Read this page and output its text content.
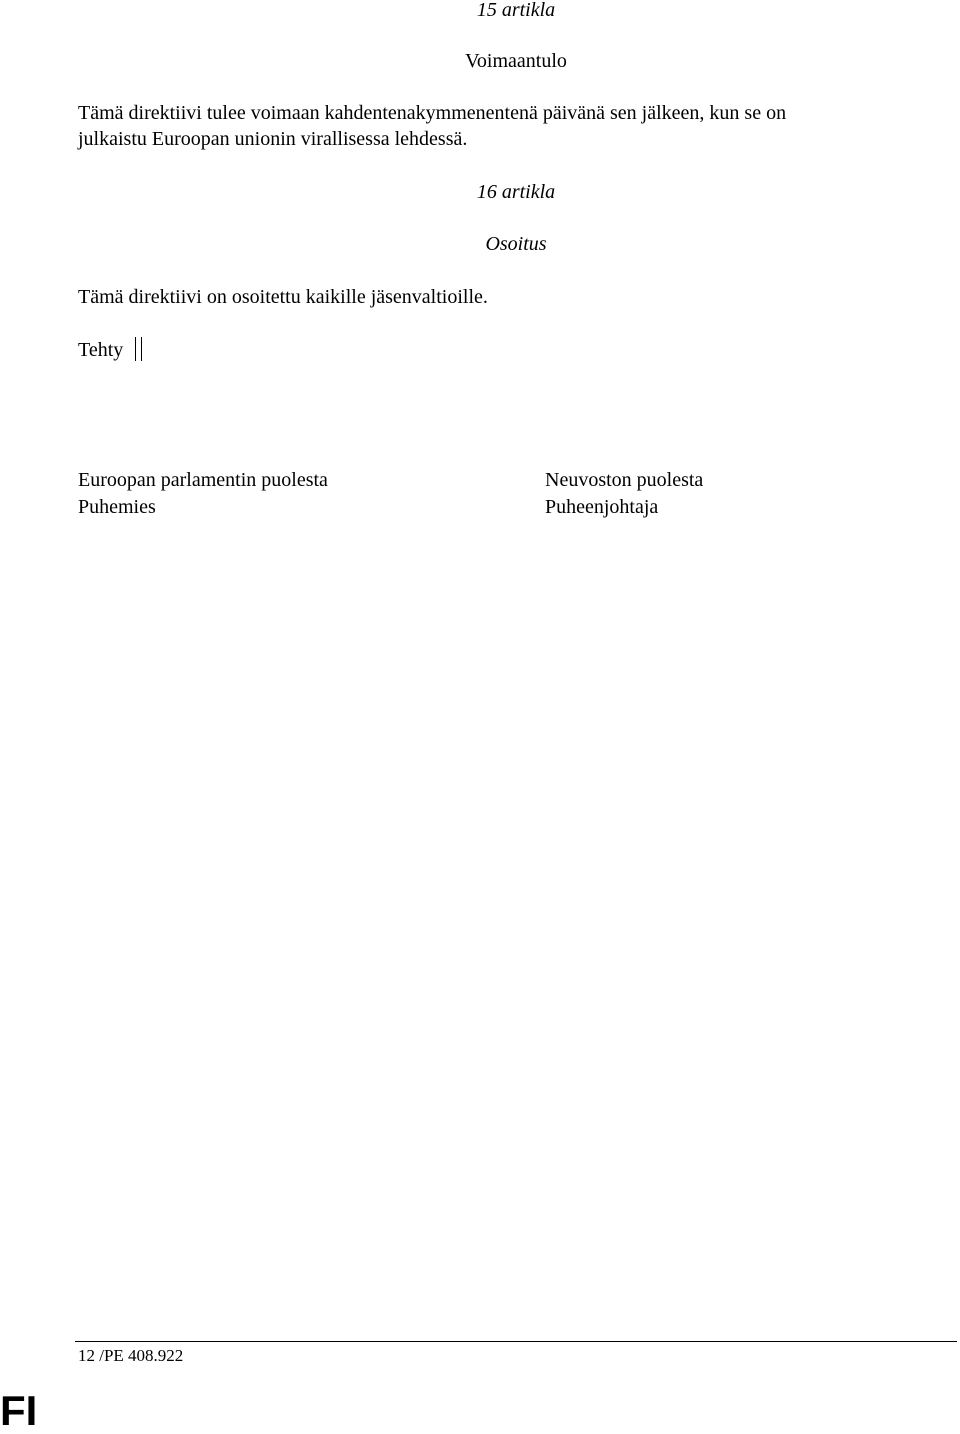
15 artikla
Voimaantulo
Tämä direktiivi tulee voimaan kahdentenakymmenentenä päivänä sen jälkeen, kun se on
julkaistu Euroopan unionin virallisessa lehdessä.
16 artikla
Osoitus
Tämä direktiivi on osoitettu kaikille jäsenvaltioille.
Tehty
Euroopan parlamentin puolesta
Puhemies
Neuvoston puolesta
Puheenjohtaja
12 /PE 408.922
FI
